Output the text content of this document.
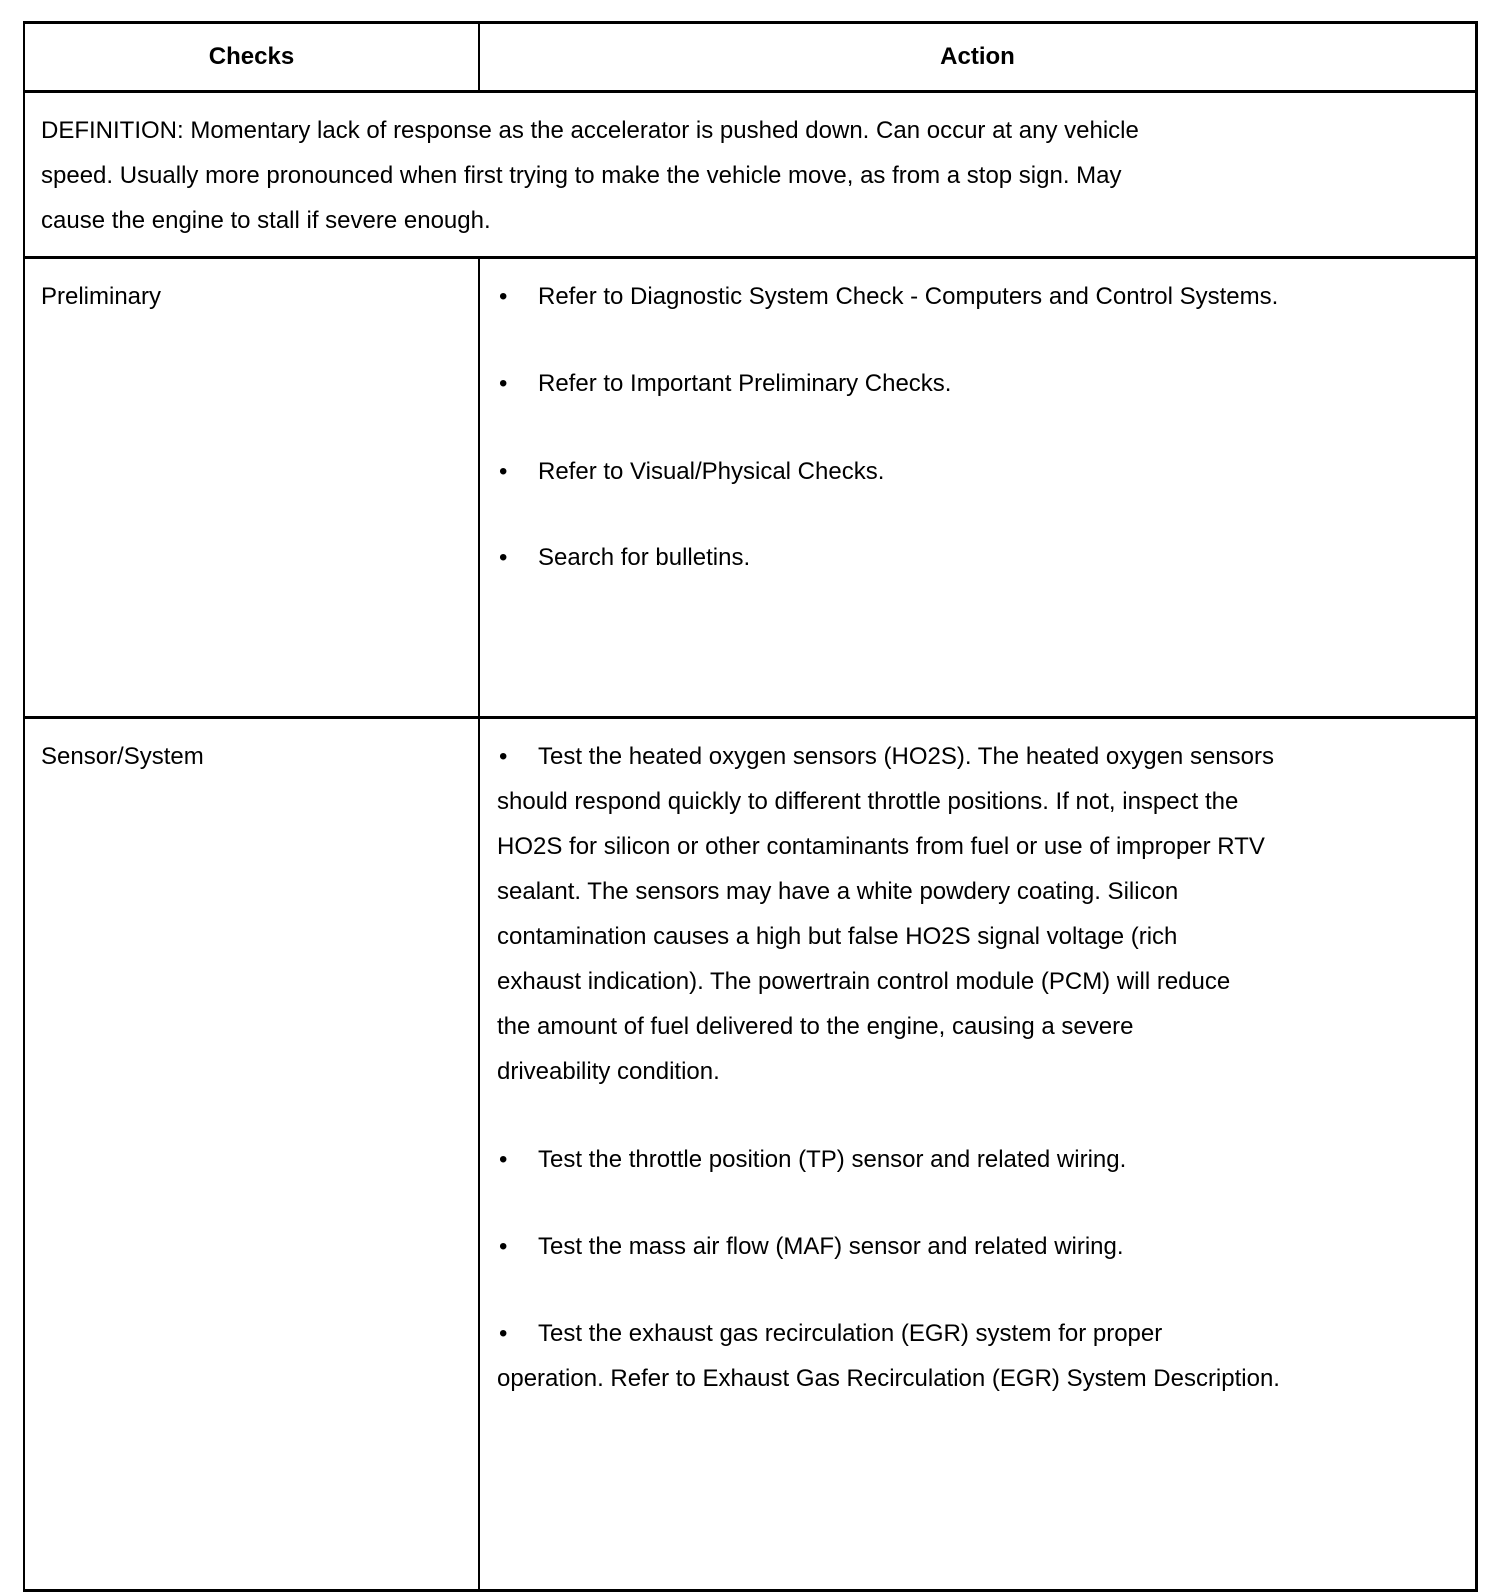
Checks	Action
DEFINITION: Momentary lack of response as the accelerator is pushed down. Can occur at any vehicle
speed. Usually more pronounced when first trying to make the vehicle move, as from a stop sign. May
cause the engine to stall if severe enough.
Preliminary	• Refer to Diagnostic System Check - Computers and Control Systems.
• Refer to Important Preliminary Checks.
• Refer to Visual/Physical Checks.
• Search for bulletins.
Sensor/System	• Test the heated oxygen sensors (HO2S). The heated oxygen sensors
should respond quickly to different throttle positions. If not, inspect the
HO2S for silicon or other contaminants from fuel or use of improper RTV
sealant. The sensors may have a white powdery coating. Silicon
contamination causes a high but false HO2S signal voltage (rich
exhaust indication). The powertrain control module (PCM) will reduce
the amount of fuel delivered to the engine, causing a severe
driveability condition.
• Test the throttle position (TP) sensor and related wiring.
• Test the mass air flow (MAF) sensor and related wiring.
• Test the exhaust gas recirculation (EGR) system for proper
operation. Refer to Exhaust Gas Recirculation (EGR) System Description.
